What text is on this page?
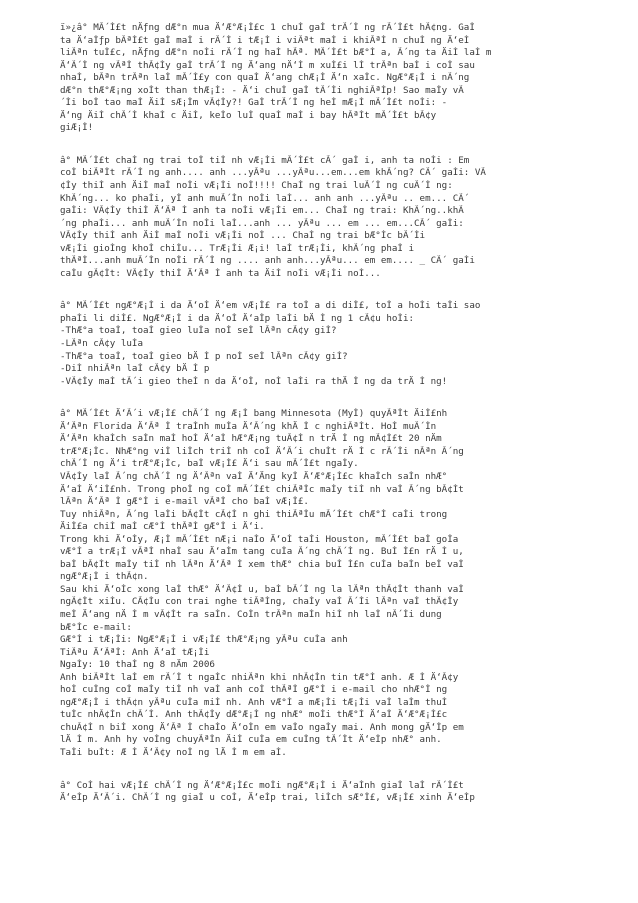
ï»¿â° MÃ´Ì£t nÄƒng dÆ°n mua Ä‘Æ°Æ¡Ì£c 1 chuÌ gaÌ trÃ´Ì ng rÃ´Ì£t hÃ¢ng. GaÌ
ta Ä‘aÌƒp bÃªÌ£t gaÌ maÌ i rÃ´Ì i tÆ¡Ì i viÃªt maÌ i khiÃªÌ n chuÌ ng Ä‘eÌ
liÃªn tuÌ£c, nÄƒng dÆ°n noÌi rÃ´Ì ng haÌ hÃª. MÃ´Ì£t bÆ°Ì a, Ã´ng ta ÄiÌ laÌ m
Ä‘Ã´Ì ng vÃªÌ thÃ¢Ìy gaÌ trÃ´Ì ng Ä‘ang nÄ‘Ì m xuÌ£i lÌ trÃªn baÌ i coÌ sau
nhaÌ, bÃªn trÃªn laÌ mÃ´Ì£y con quaÌ Ä‘ang chÆ¡Ì Ä‘n xaÌc. NgÆ°Æ¡Ì i nÃ´ng
dÆ°n thÆ°Æ¡ng xoÌt than thÆ¡Ì: - Ä‘i chuÌ gaÌ tÃ´Ìi nghiÃªÌp! Sao maÌy vÃ
´Ìi boÌ tao maÌ ÄiÌ sÆ¡Ìm vÃ¢Ìy?! GaÌ trÃ´Ì ng heÌ mÆ¡Ì mÃ´Ì£t noÌi: -
Ä‘ng ÄiÌ chÃ´Ì khaÌ c ÄiÌ, keÌo luÌ quaÌ maÌ i bay hÃªÌt mÃ´Ì£t bÃ¢y
giÆ¡Ì!
â° MÃ´Ì£t chaÌ ng trai toÌ tiÌ nh vÆ¡Ìi mÃ´Ì£t cÃ´ gaÌ i, anh ta noÌi : Em
coÌ biÃªÌt rÃ´Ì ng anh.... anh ...yÃªu ...yÃªu...em...em khÃ´ng? CÃ´ gaÌi: VÃ
¢Ìy thiÌ anh ÄiÌ maÌ noÌi vÆ¡Ìi noÌ!!!! ChaÌ ng trai luÃ´Ì ng cuÃ´Ì ng:
KhÃ´ng... ko phaÌi, yÌ anh muÃ´Ìn noÌi laÌ... anh anh ...yÃªu .. em... CÃ´
gaÌi: VÃ¢Ìy thiÌ Ä‘Ãª Ì anh ta noÌi vÆ¡Ìi em... ChaÌ ng trai: KhÃ´ng..khÃ
´ng phaÌi... anh muÃ´Ìn noÌi laÌ...anh ... yÃªu ... em ... em...CÃ´ gaÌi:
VÃ¢Ìy thiÌ anh ÄiÌ maÌ noÌi vÆ¡Ìi noÌ ... ChaÌ ng trai bÆ°Ìc bÃ´Ìi
vÆ¡Ìi gioÌng khoÌ chiÌu... TrÆ¡Ìi Æ¡i! laÌ trÆ¡Ìi, khÃ´ng phaÌ i
thÃªÌ...anh muÃ´Ìn noÌi rÃ´Ì ng .... anh anh...yÃªu... em em.... _ CÃ´ gaÌi
caÌu gÃ¢Ìt: VÃ¢Ìy thiÌ Ä‘Ãª Ì anh ta ÄiÌ noÌi vÆ¡Ìi noÌ...
â° MÃ´Ì£t ngÆ°Æ¡Ì i da Ä‘oÌ Ä‘em vÆ¡Ì£ ra toÌ a di diÌ£, toÌ a hoÌi taÌi sao
phaÌi li diÌ£. NgÆ°Æ¡Ì i da Ä‘oÌ Ä‘aÌp laÌi bÄ Ì ng 1 cÃ¢u hoÌi:
-ThÆ°a toaÌ, toaÌ gieo luÌa noÌ seÌ lÃªn cÃ¢y giÌ?
-LÃªn cÃ¢y luÌa
-ThÆ°a toaÌ, toaÌ gieo bÄ Ì p noÌ seÌ lÃªn cÃ¢y giÌ?
-DiÌ nhiÃªn laÌ cÃ¢y bÄ Ì p
-VÃ¢Ìy maÌ tÃ´i gieo theÌ n da Ä‘oÌ, noÌ laÌi ra thÄ Ì ng da trÄ Ì ng!
â° MÃ´Ì£t Ä‘Ã´i vÆ¡Ì£ chÃ´Ì ng Æ¡Ì bang Minnesota (MyÌ) quyÃªÌt ÄiÌ£nh
Ä‘Ãªn Florida Ä‘Ãª Ì traÌnh muÌa Ä‘Ã´ng khÄ Ì c nghiÃªÌt. HoÌ muÃ´Ìn
Ä‘Ãªn khaÌch saÌn maÌ hoÌ Ä‘aÌ hÆ°Æ¡ng tuÃ¢Ì n trÄ Ì ng mÃ¢Ì£t 20 nÄm
trÆ°Æ¡Ìc. NhÆ°ng viÌ liÌch triÌ nh coÌ Ä‘Ã´i chuÌt rÄ Ì c rÃ´Ìi nÃªn Ã´ng
chÃ´Ì ng Ä‘i trÆ°Æ¡Ìc, baÌ vÆ¡Ì£ Ä‘i sau mÃ´Ì£t ngaÌy.
VÃ¢Ìy laÌ Ã´ng chÃ´Ì ng Ä‘Ãªn vaÌ Ä‘Äng kyÌ Ä‘Æ°Æ¡Ì£c khaÌch saÌn nhÆ°
Ä‘aÌ Ä‘iÌ£nh. Trong phoÌ ng coÌ mÃ´Ì£t chiÃªÌc maÌy tiÌ nh vaÌ Ã´ng bÃ¢Ìt
lÃªn Ä‘Ãª Ì gÆ°Ì i e-mail vÃªÌ cho baÌ vÆ¡Ì£.
Tuy nhiÃªn, Ã´ng laÌi bÃ¢Ìt cÃ¢Ì n ghi thiÃªÌu mÃ´Ì£t chÆ°Ì caÌi trong
ÄiÌ£a chiÌ maÌ cÆ°Ì thÃªÌ gÆ°Ì i Ä‘i.
Trong khi Ä‘oÌy, Æ¡Ì mÃ´Ì£t nÆ¡i naÌo Ä‘oÌ taÌi Houston, mÃ´Ì£t baÌ goÌa
vÆ°Ì a trÆ¡Ì vÃªÌ nhaÌ sau Ä‘aÌm tang cuÌa Ã´ng chÃ´Ì ng. BuÌ Ì£n rÄ Ì u,
baÌ bÃ¢Ìt maÌy tiÌ nh lÃªn Ä‘Ãª Ì xem thÆ° chia buÌ Ì£n cuÌa baÌn beÌ vaÌ
ngÆ°Æ¡Ì i thÃ¢n.
Sau khi Ä‘oÌc xong laÌ thÆ° Ä‘Ã¢Ì u, baÌ bÃ´Ì ng la lÃªn thÃ¢Ìt thanh vaÌ
ngÃ¢Ìt xiÌu. CÃ¢Ìu con trai nghe tiÃªÌng, chaÌy vaÌ Ã´Ìi lÃªn vaÌ thÃ¢Ìy
meÌ Ä‘ang nÄ Ì m vÃ¢Ìt ra saÌn. CoÌn trÃªn maÌn hiÌ nh laÌ nÃ´Ìi dung
bÆ°Ìc e-mail:
GÆ°Ì i tÆ¡Ìi: NgÆ°Æ¡Ì i vÆ¡Ì£ thÆ°Æ¡ng yÃªu cuÌa anh
TiÃªu Ä‘ÃªÌ: Anh Ä‘aÌ tÆ¡Ìi
NgaÌy: 10 thaÌ ng 8 nÄm 2006
Anh biÃªÌt laÌ em rÃ´Ì t ngaÌc nhiÃªn khi nhÃ¢Ìn tin tÆ°Ì anh. Æ Ì Ä‘Ã¢y
hoÌ cuÌng coÌ maÌy tiÌ nh vaÌ anh coÌ thÃªÌ gÆ°Ì i e-mail cho nhÆ°Ì ng
ngÆ°Æ¡Ì i thÃ¢n yÃªu cuÌa miÌ nh. Anh vÆ°Ì a mÆ¡Ìi tÆ¡Ìi vaÌ laÌm thuÌ
tuÌc nhÃ¢Ìn chÃ´Ì. Anh thÃ¢Ìy dÆ°Æ¡Ì ng nhÆ° moÌi thÆ°Ì Ä‘aÌ Ä‘Æ°Æ¡Ì£c
chuÃ¢Ì n biÌ xong Ä‘Ãª Ì chaÌo Ä‘oÌn em vaÌo ngaÌy mai. Anh mong gÄ‘Ìp em
lÄ Ì m. Anh hy voÌng chuyÃªÌn ÄiÌ cuÌa em cuÌng tÃ´Ìt Ä‘eÌp nhÆ° anh.
TaÌi buÌt: Æ Ì Ä‘Ã¢y noÌ ng lÄ Ì m em aÌ.
â° CoÌ hai vÆ¡Ì£ chÃ´Ì ng Ä‘Æ°Æ¡Ì£c moÌi ngÆ°Æ¡Ì i Ä‘aÌnh giaÌ laÌ rÃ´Ì£t
Ä‘eÌp Ä‘Ã´i. ChÃ´Ì ng giaÌ u coÌ, Ä‘eÌp trai, liÌch sÆ°Ì£, vÆ¡Ì£ xinh Ä‘eÌp
